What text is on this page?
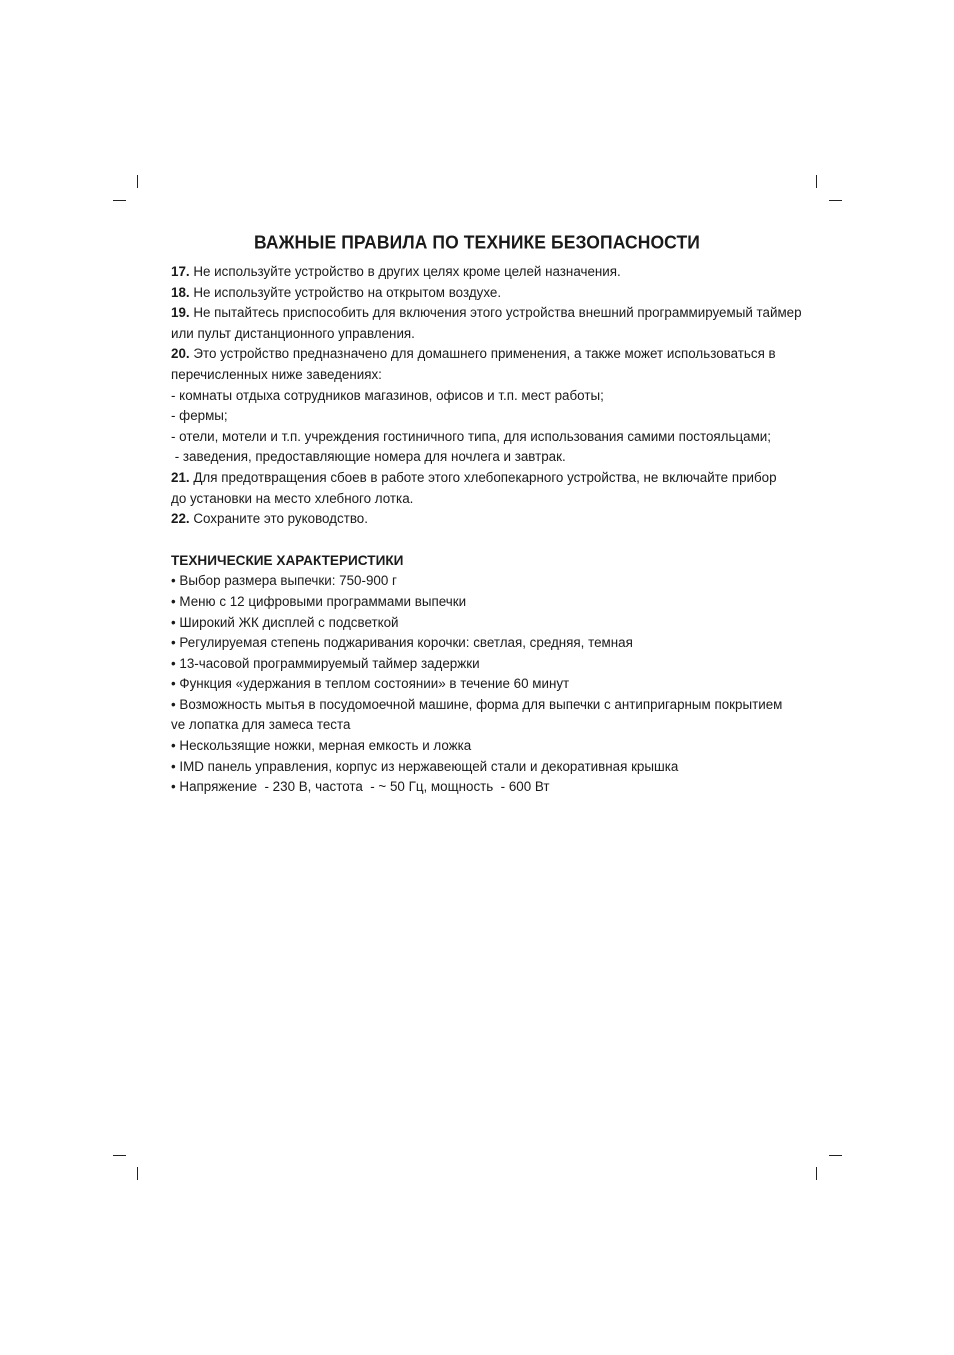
ВАЖНЫЕ ПРАВИЛА ПО ТЕХНИКЕ БЕЗОПАСНОСТИ
17. Не используйте устройство в других целях кроме целей назначения.
18. Не используйте устройство на открытом воздухе.
19. Не пытайтесь приспособить для включения этого устройства внешний программируемый таймер
или пульт дистанционного управления.
20. Это устройство предназначено для домашнего применения, а также может использоваться в
перечисленных ниже заведениях:
- комнаты отдыха сотрудников магазинов, офисов и т.п. мест работы;
- фермы;
- отели, мотели и т.п. учреждения гостиничного типа, для использования самими постояльцами;
- заведения, предоставляющие номера для ночлега и завтрак.
21. Для предотвращения сбоев в работе этого хлебопекарного устройства, не включайте прибор
до установки на место хлебного лотка.
22. Сохраните это руководство.
ТЕХНИЧЕСКИЕ ХАРАКТЕРИСТИКИ
• Выбор размера выпечки: 750-900 г
• Меню с 12 цифровыми программами выпечки
• Широкий ЖК дисплей с подсветкой
• Регулируемая степень поджаривания корочки: светлая, средняя, темная
• 13-часовой программируемый таймер задержки
• Функция «удержания в теплом состоянии» в течение 60 минут
• Возможность мытья в посудомоечной машине, форма для выпечки с антипригарным покрытием
ve лопатка для замеса теста
• Нескользящие ножки, мерная емкость и ложка
• IMD панель управления, корпус из нержавеющей стали и декоративная крышка
• Напряжение  - 230 В, частота  - ~ 50 Гц, мощность  - 600 Вт
